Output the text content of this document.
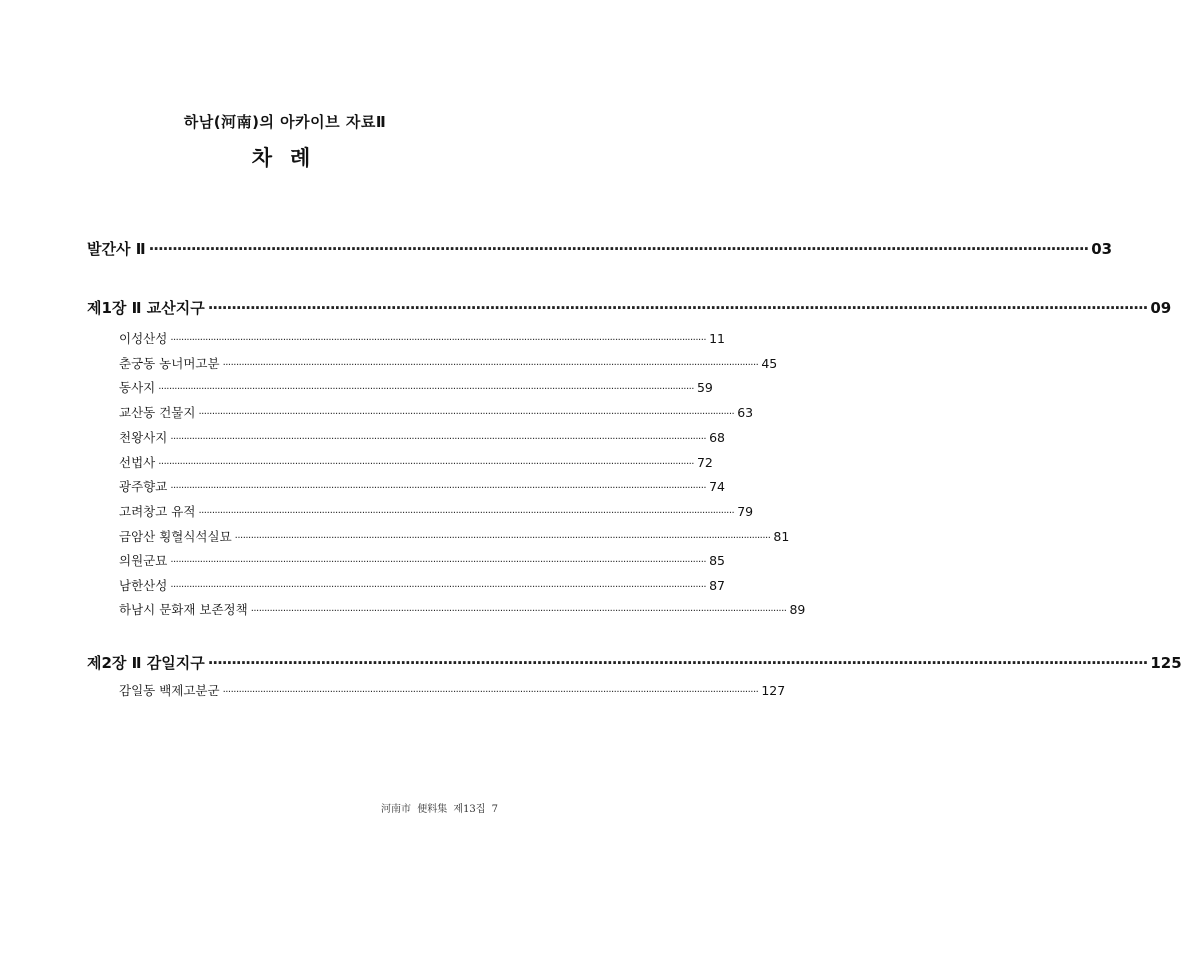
하남(河南)의 아카이브 자료Ⅱ
차례
발간사 Ⅱ ········································································································································································································ 03
제1장 Ⅱ 교산지구 ········································································································································································································ 09
이성산성 ········································································································································································································ 11
춘궁동 농너머고분 ········································································································································································································ 45
동사지 ········································································································································································································ 59
교산동 건물지 ········································································································································································································ 63
천왕사지 ········································································································································································································ 68
선법사 ········································································································································································································ 72
광주향교 ········································································································································································································ 74
고려창고 유적 ········································································································································································································ 79
금암산 횡혈식석실묘 ········································································································································································································ 81
의원군묘 ········································································································································································································ 85
남한산성 ········································································································································································································ 87
하남시 문화재 보존정책 ········································································································································································································ 89
제2장 Ⅱ 감일지구 ········································································································································································································ 125
감일동 백제고분군 ········································································································································································································ 127
河南市 便料集 제13집 7
